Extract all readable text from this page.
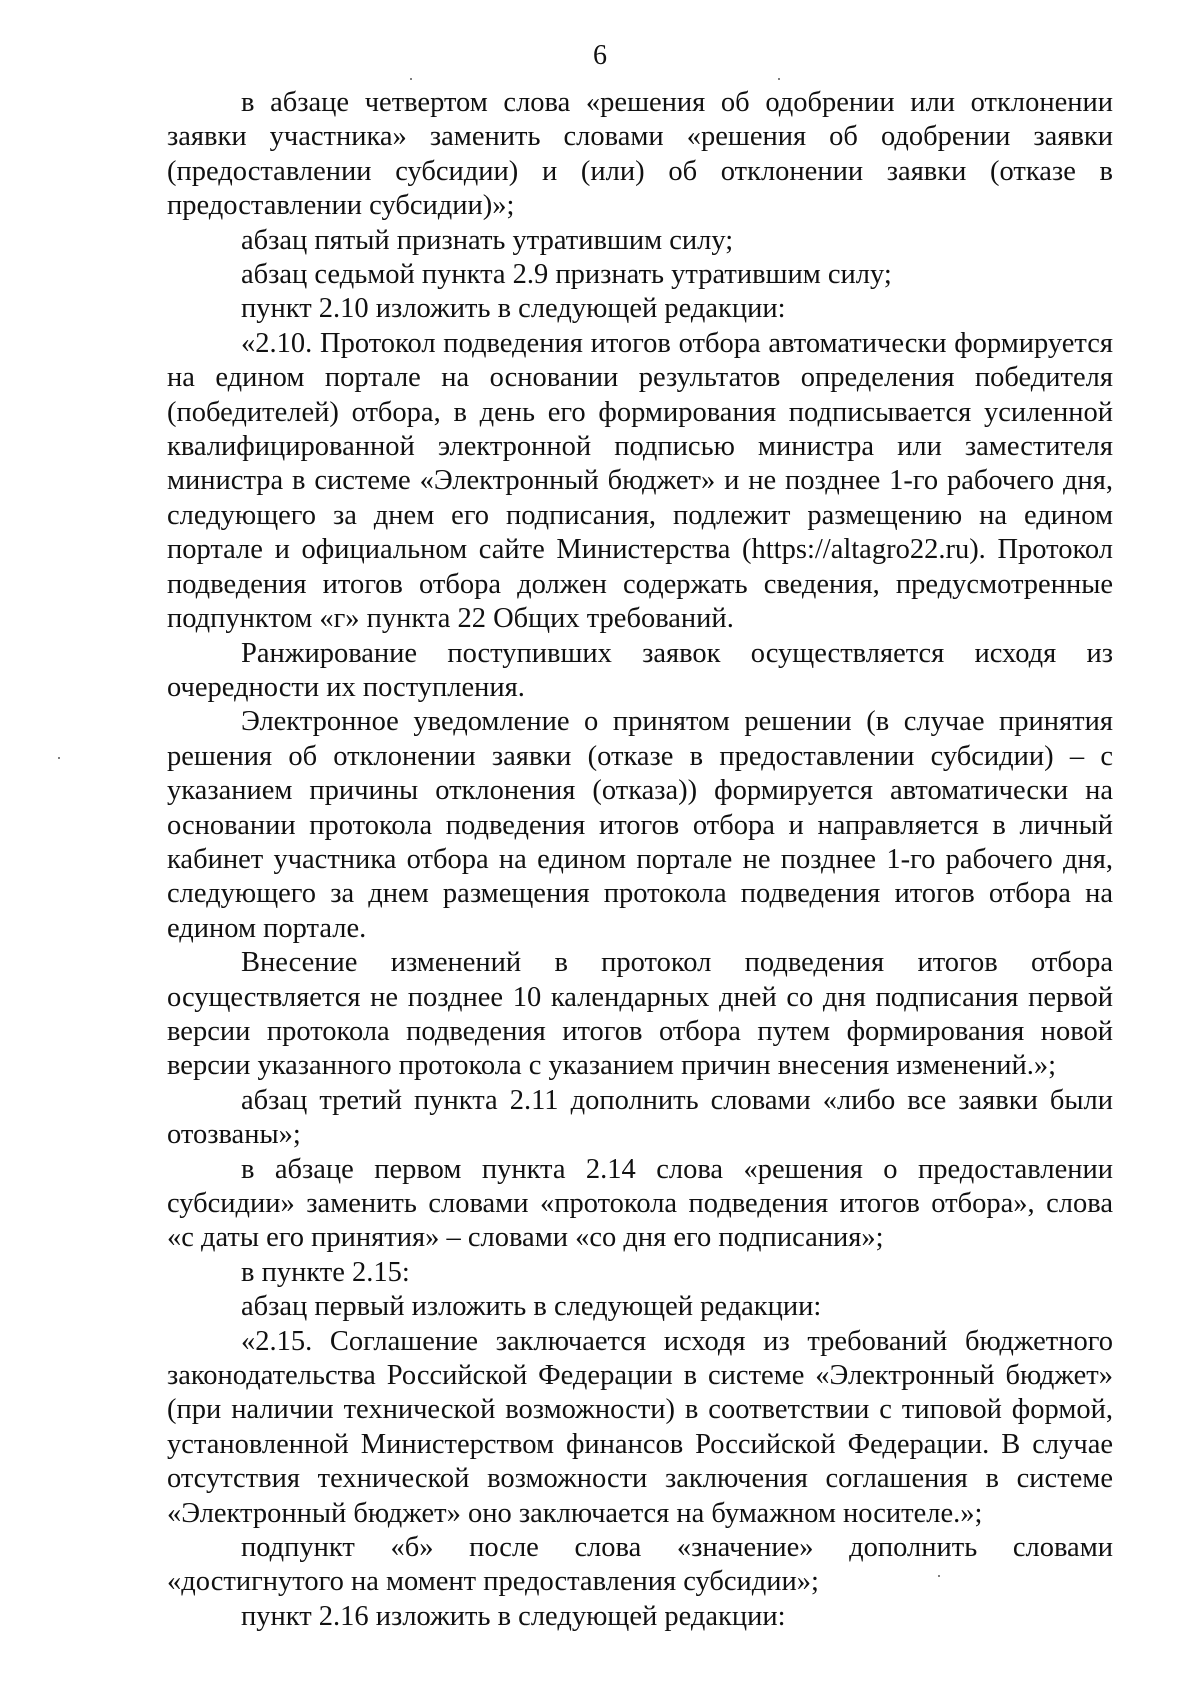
6

в абзаце четвертом слова «решения об одобрении или отклонении заявки участника» заменить словами «решения об одобрении заявки (предоставлении субсидии) и (или) об отклонении заявки (отказе в предоставлении субсидии)»;

абзац пятый признать утратившим силу;

абзац седьмой пункта 2.9 признать утратившим силу;

пункт 2.10 изложить в следующей редакции:

«2.10. Протокол подведения итогов отбора автоматически формируется на едином портале на основании результатов определения победителя (победителей) отбора, в день его формирования подписывается усиленной квалифицированной электронной подписью министра или заместителя министра в системе «Электронный бюджет» и не позднее 1-го рабочего дня, следующего за днем его подписания, подлежит размещению на едином портале и официальном сайте Министерства (https://altagro22.ru). Протокол подведения итогов отбора должен содержать сведения, предусмотренные подпунктом «г» пункта 22 Общих требований.

Ранжирование поступивших заявок осуществляется исходя из очередности их поступления.

Электронное уведомление о принятом решении (в случае принятия решения об отклонении заявки (отказе в предоставлении субсидии) – с указанием причины отклонения (отказа)) формируется автоматически на основании протокола подведения итогов отбора и направляется в личный кабинет участника отбора на едином портале не позднее 1-го рабочего дня, следующего за днем размещения протокола подведения итогов отбора на едином портале.

Внесение изменений в протокол подведения итогов отбора осуществляется не позднее 10 календарных дней со дня подписания первой версии протокола подведения итогов отбора путем формирования новой версии указанного протокола с указанием причин внесения изменений.»;

абзац третий пункта 2.11 дополнить словами «либо все заявки были отозваны»;

в абзаце первом пункта 2.14 слова «решения о предоставлении субсидии» заменить словами «протокола подведения итогов отбора», слова «с даты его принятия» – словами «со дня его подписания»;

в пункте 2.15:

абзац первый изложить в следующей редакции:

«2.15. Соглашение заключается исходя из требований бюджетного законодательства Российской Федерации в системе «Электронный бюджет» (при наличии технической возможности) в соответствии с типовой формой, установленной Министерством финансов Российской Федерации. В случае отсутствия технической возможности заключения соглашения в системе «Электронный бюджет» оно заключается на бумажном носителе.»;

подпункт «б» после слова «значение» дополнить словами «достигнутого на момент предоставления субсидии»;

пункт 2.16 изложить в следующей редакции:
